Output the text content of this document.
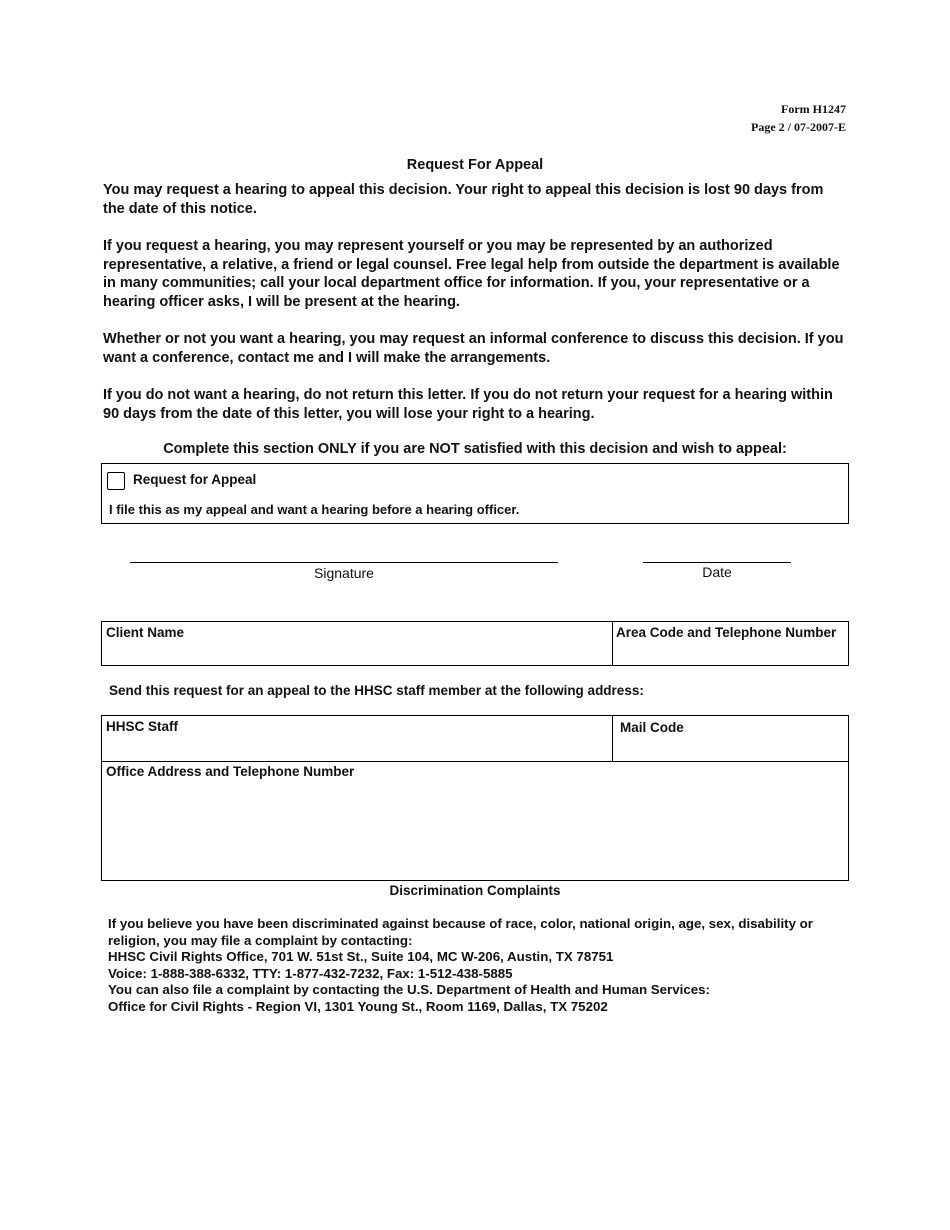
Form H1247
Page 2 / 07-2007-E
Request For Appeal
You may request a hearing to appeal this decision. Your right to appeal this decision is lost 90 days from the date of this notice.
If you request a hearing, you may represent yourself or you may be represented by an authorized representative, a relative, a friend or legal counsel. Free legal help from outside the department is available in many communities; call your local department office for information. If you, your representative or a hearing officer asks, I will be present at the hearing.
Whether or not you want a hearing, you may request an informal conference to discuss this decision. If you want a conference, contact me and I will make the arrangements.
If you do not want a hearing, do not return this letter. If you do not return your request for a hearing within 90 days from the date of this letter, you will lose your right to a hearing.
Complete this section ONLY if you are NOT satisfied with this decision and wish to appeal:
Request for Appeal
I file this as my appeal and want a hearing before a hearing officer.
Signature	Date
Client Name	Area Code and Telephone Number
Send this request for an appeal to the HHSC staff member at the following address:
HHSC Staff	Mail Code
Office Address and Telephone Number
Discrimination Complaints
If you believe you have been discriminated against because of race, color, national origin, age, sex, disability or religion, you may file a complaint by contacting:
HHSC Civil Rights Office, 701 W. 51st St., Suite 104, MC W-206, Austin, TX 78751
Voice: 1-888-388-6332, TTY: 1-877-432-7232, Fax: 1-512-438-5885
You can also file a complaint by contacting the U.S. Department of Health and Human Services:
Office for Civil Rights - Region VI, 1301 Young St., Room 1169, Dallas, TX 75202
